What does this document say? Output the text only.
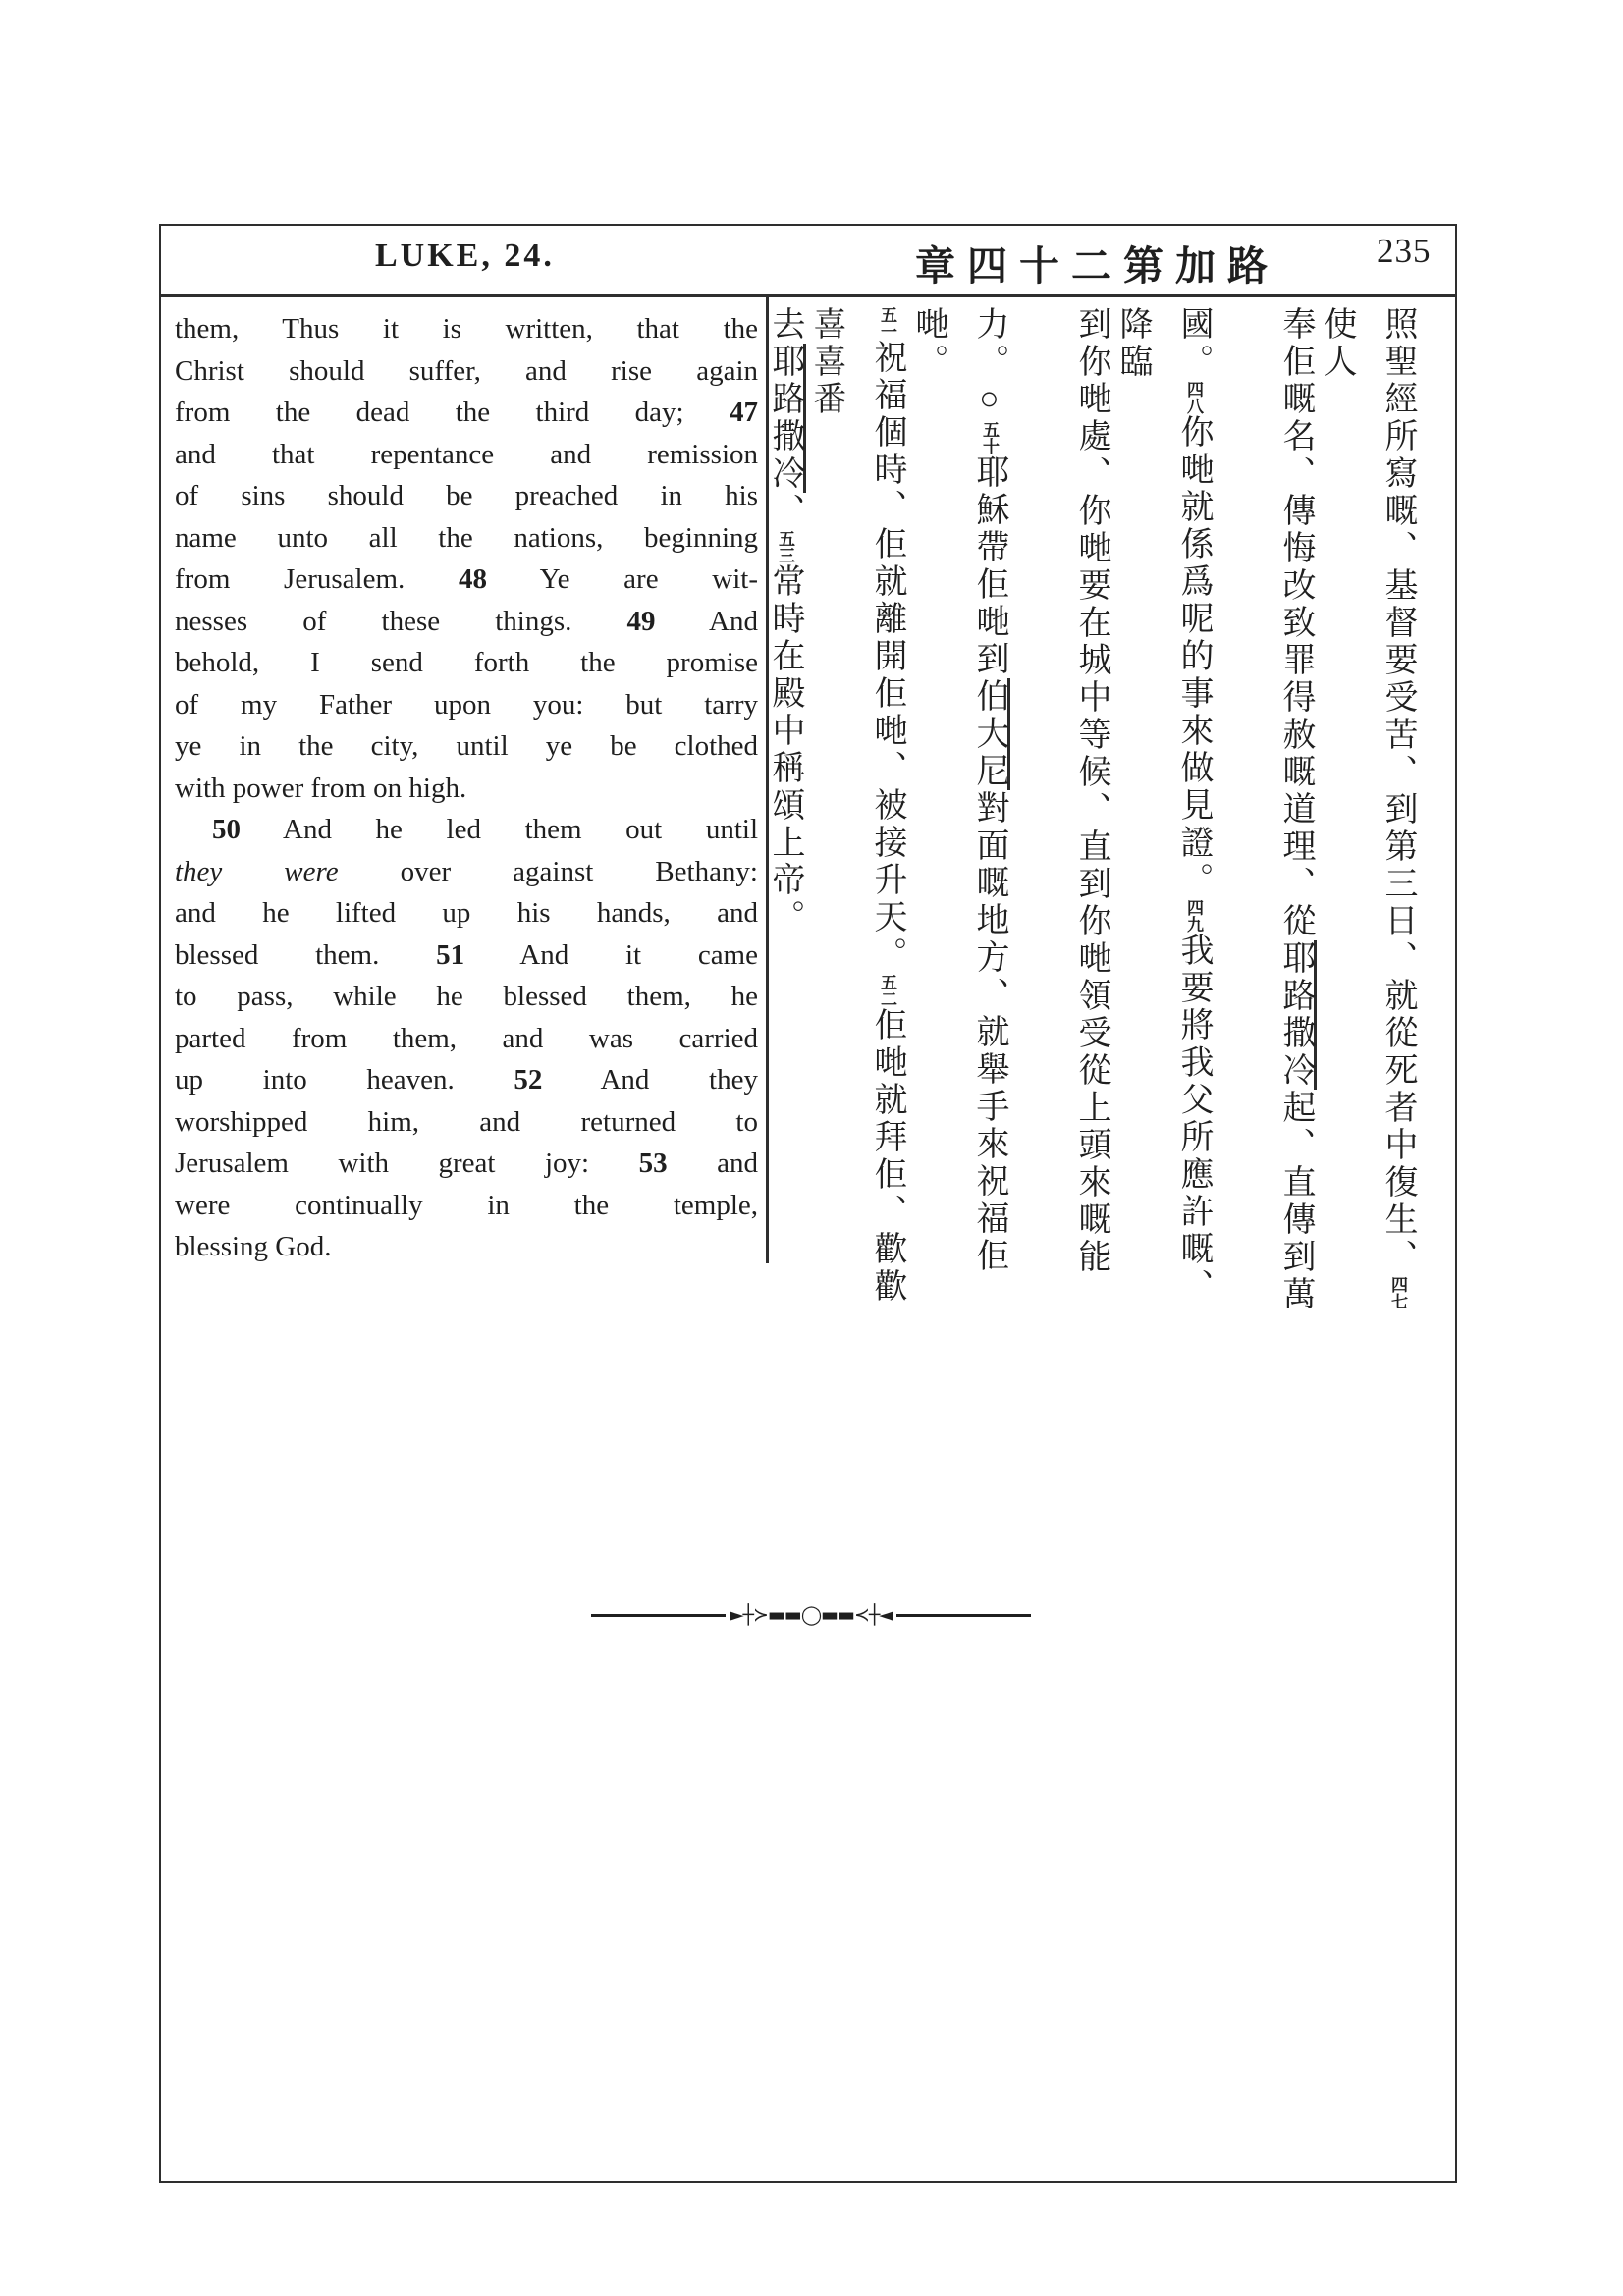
LUKE, 24.	章四十二第加路	235
them, Thus it is written, that the
Christ should suffer, and rise again
from the dead the third day; 47
and that repentance and remission
of sins should be preached in his
name unto all the nations, beginning
from Jerusalem. 48 Ye are wit-
nesses of these things. 49 And
behold, I send forth the promise
of my Father upon you: but tarry
ye in the city, until ye be clothed
with power from on high.
50 And he led them out until
they were over against Bethany:
and he lifted up his hands, and
blessed them. 51 And it came
to pass, while he blessed them, he
parted from them, and was carried
up into heaven. 52 And they
worshipped him, and returned to
Jerusalem with great joy: 53 and
were continually in the temple,
blessing God.	照聖經所寫嘅、基督要受苦、到第三日、就從死者中復生、四七使人
奉佢嘅名、傳悔改致罪得赦嘅道理、從耶路撒冷起、直傳到萬
國。四八你哋就係爲呢的事來做見證。四九我要將我父所應許嘅、降臨
到你哋處、你哋要在城中等候、直到你哋領受從上頭來嘅能
力。○五十耶穌帶佢哋到伯大尼對面嘅地方、就舉手來祝福佢哋。
五一祝福個時、佢就離開佢哋、被接升天。五二佢哋就拜佢、歡歡喜喜番
去耶路撒冷、五三常時在殿中稱頌上帝。
►┼≻▬▬◯▬▬≺┼◄
